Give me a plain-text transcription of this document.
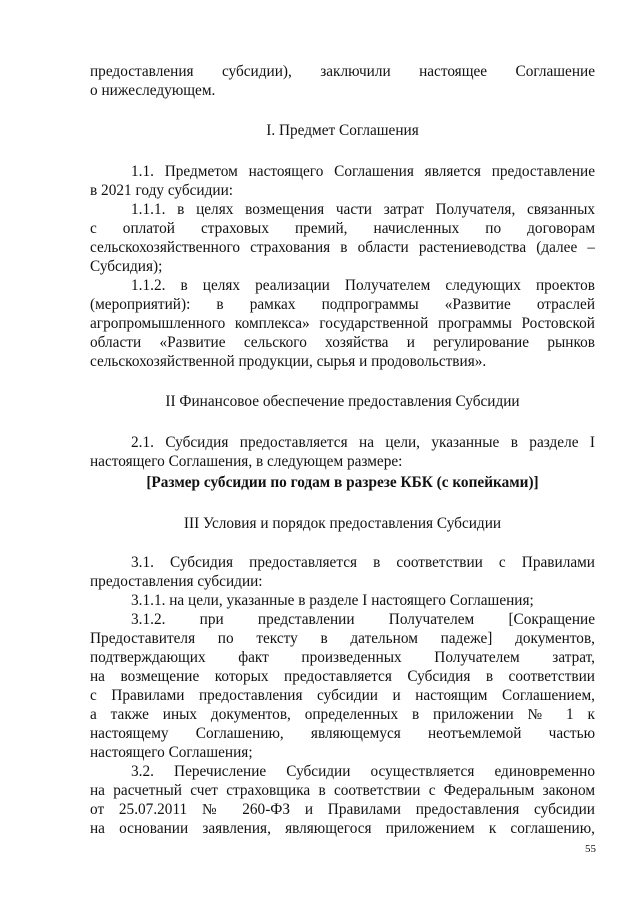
предоставления субсидии), заключили настоящее Соглашение
о нижеследующем.
I. Предмет Соглашения
1.1. Предметом настоящего Соглашения является предоставление
в 2021 году субсидии:
1.1.1. в целях возмещения части затрат Получателя, связанных
с оплатой страховых премий, начисленных по договорам
сельскохозяйственного страхования в области растениеводства (далее –
Субсидия);
1.1.2. в целях реализации Получателем следующих проектов
(мероприятий): в рамках подпрограммы «Развитие отраслей
агропромышленного комплекса» государственной программы Ростовской
области «Развитие сельского хозяйства и регулирование рынков
сельскохозяйственной продукции, сырья и продовольствия».
II Финансовое обеспечение предоставления Субсидии
2.1. Субсидия предоставляется на цели, указанные в разделе I
настоящего Соглашения, в следующем размере:
[Размер субсидии по годам в разрезе КБК (с копейками)]
III Условия и порядок предоставления Субсидии
3.1. Субсидия предоставляется в соответствии с Правилами
предоставления субсидии:
3.1.1. на цели, указанные в разделе I настоящего Соглашения;
3.1.2. при представлении Получателем [Сокращение
Предоставителя по тексту в дательном падеже] документов,
подтверждающих факт произведенных Получателем затрат,
на возмещение которых предоставляется Субсидия в соответствии
с Правилами предоставления субсидии и настоящим Соглашением,
а также иных документов, определенных в приложении № 1 к
настоящему Соглашению, являющемуся неотъемлемой частью
настоящего Соглашения;
3.2. Перечисление Субсидии осуществляется единовременно
на расчетный счет страховщика в соответствии с Федеральным законом
от 25.07.2011 № 260-ФЗ и Правилами предоставления субсидии
на основании заявления, являющегося приложением к соглашению,
55
